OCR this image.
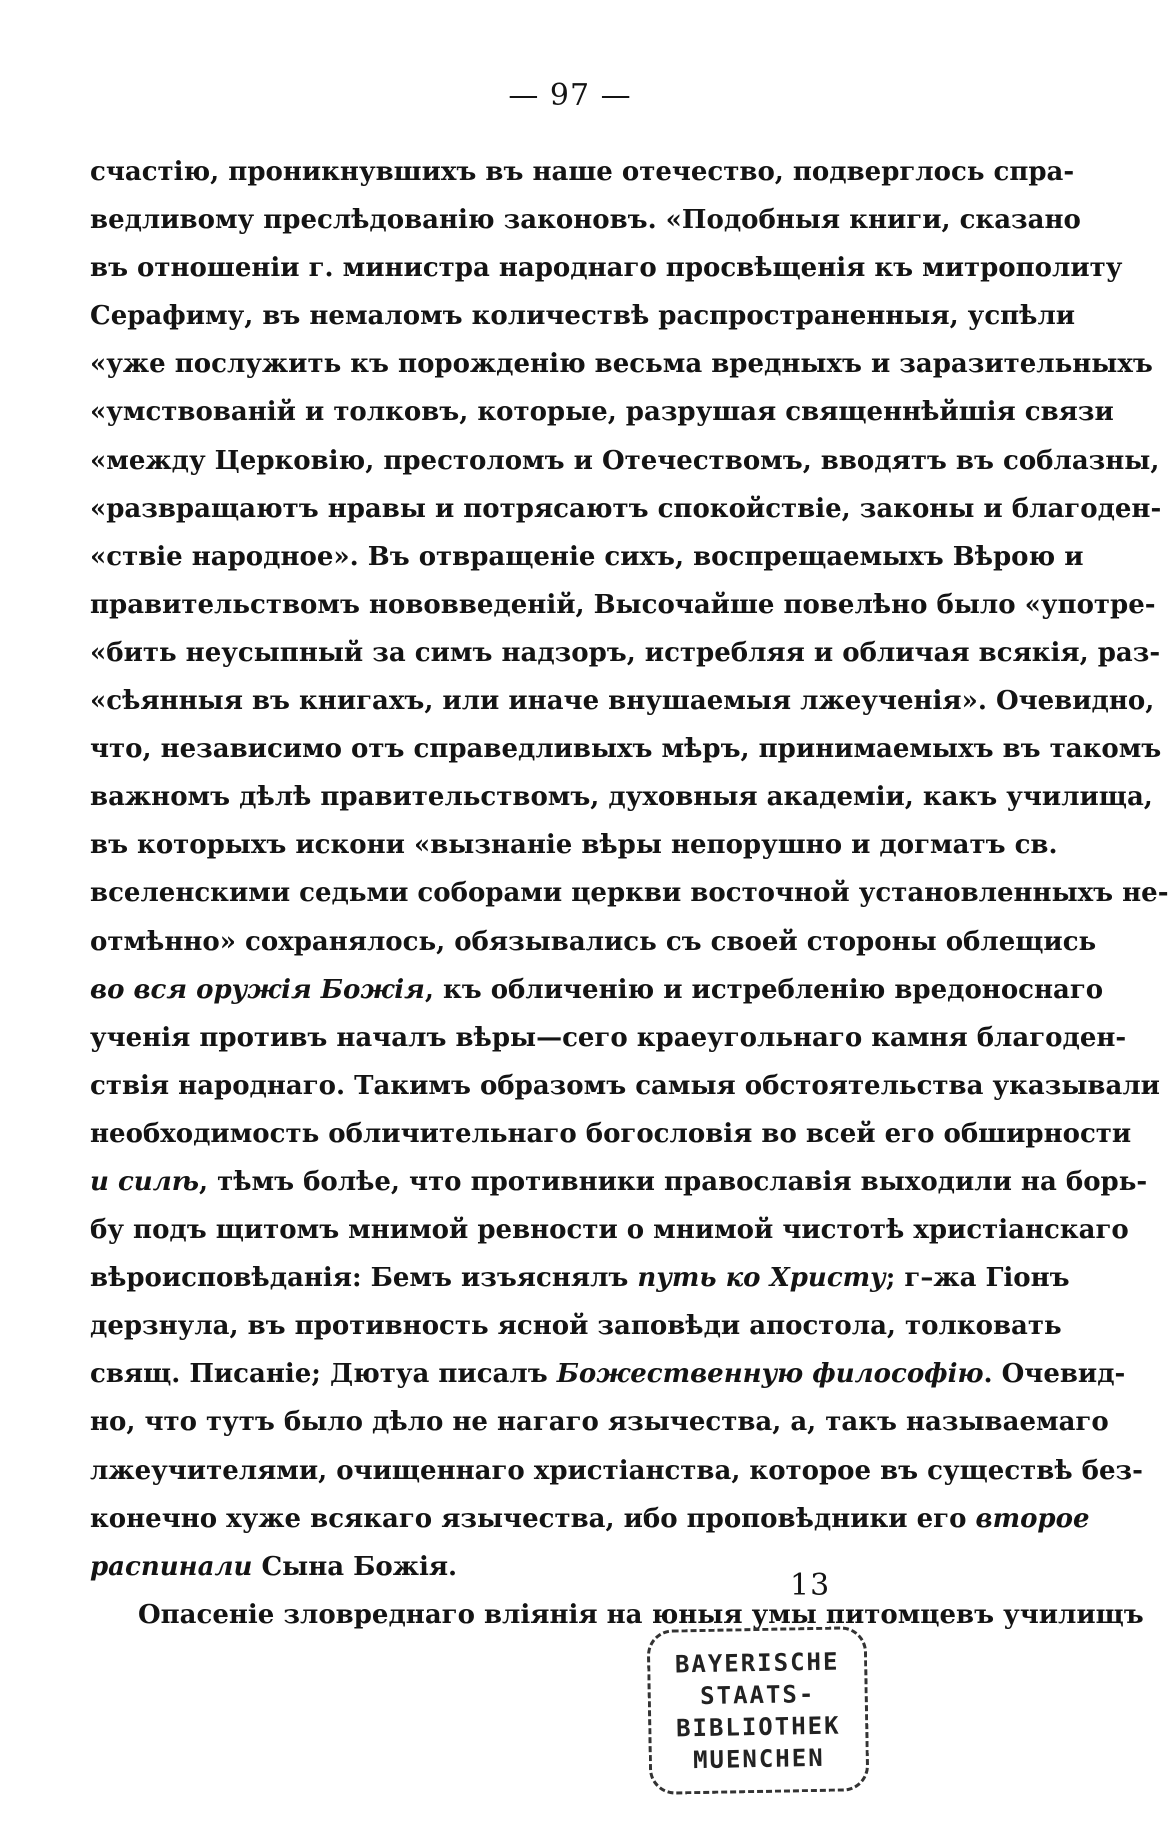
— 97 —
счастію, проникнувшихъ въ наше отечество, подверглось спра-
ведливому преслѣдованію законовъ. «Подобныя книги, сказано
въ отношеніи г. министра народнаго просвѣщенія къ митрополиту
Серафиму, въ немаломъ количествѣ распространенныя, успѣли
«уже послужить къ порожденію весьма вредныхъ и заразительныхъ
«умствованій и толковъ, которые, разрушая священнѣйшія связи
«между Церковію, престоломъ и Отечествомъ, вводятъ въ соблазны,
«развращаютъ нравы и потрясаютъ спокойствіе, законы и благоден-
«ствіе народное». Въ отвращеніе сихъ, воспрещаемыхъ Вѣрою и
правительствомъ нововведеній, Высочайше повелѣно было «употре-
«бить неусыпный за симъ надзоръ, истребляя и обличая всякія, раз-
«сѣянныя въ книгахъ, или иначе внушаемыя лжеученія». Очевидно,
что, независимо отъ справедливыхъ мѣръ, принимаемыхъ въ такомъ
важномъ дѣлѣ правительствомъ, духовныя академіи, какъ училища,
въ которыхъ искони «вызнаніе вѣры непорушно и догматъ св.
вселенскими седьми соборами церкви восточной установленныхъ не-
отмѣнно» сохранялось, обязывались съ своей стороны облещись
во вся оружія Божія, къ обличенію и истребленію вредоноснаго
ученія противъ началъ вѣры—сего краеугольнаго камня благоден-
ствія народнаго. Такимъ образомъ самыя обстоятельства указывали
необходимость обличительнаго богословія во всей его обширности
и силѣ, тѣмъ болѣе, что противники православія выходили на борь-
бу подъ щитомъ мнимой ревности о мнимой чистотѣ христіанскаго
вѣроисповѣданія: Бемъ изъяснялъ путь ко Христу; г–жа Гіонъ
дерзнула, въ противность ясной заповѣди апостола, толковать
свящ. Писаніе; Дютуа писалъ Божественную философію. Очевид-
но, что тутъ было дѣло не нагаго язычества, а, такъ называемаго
лжеучителями, очищеннаго христіанства, которое въ существѣ без-
конечно хуже всякаго язычества, ибо проповѣдники его второе
распинали Сына Божія.
Опасеніе зловреднаго вліянія на юныя умы питомцевъ училищъ
13
BAYERISCHE
STAATS-
BIBLIOTHEK
MUENCHEN
